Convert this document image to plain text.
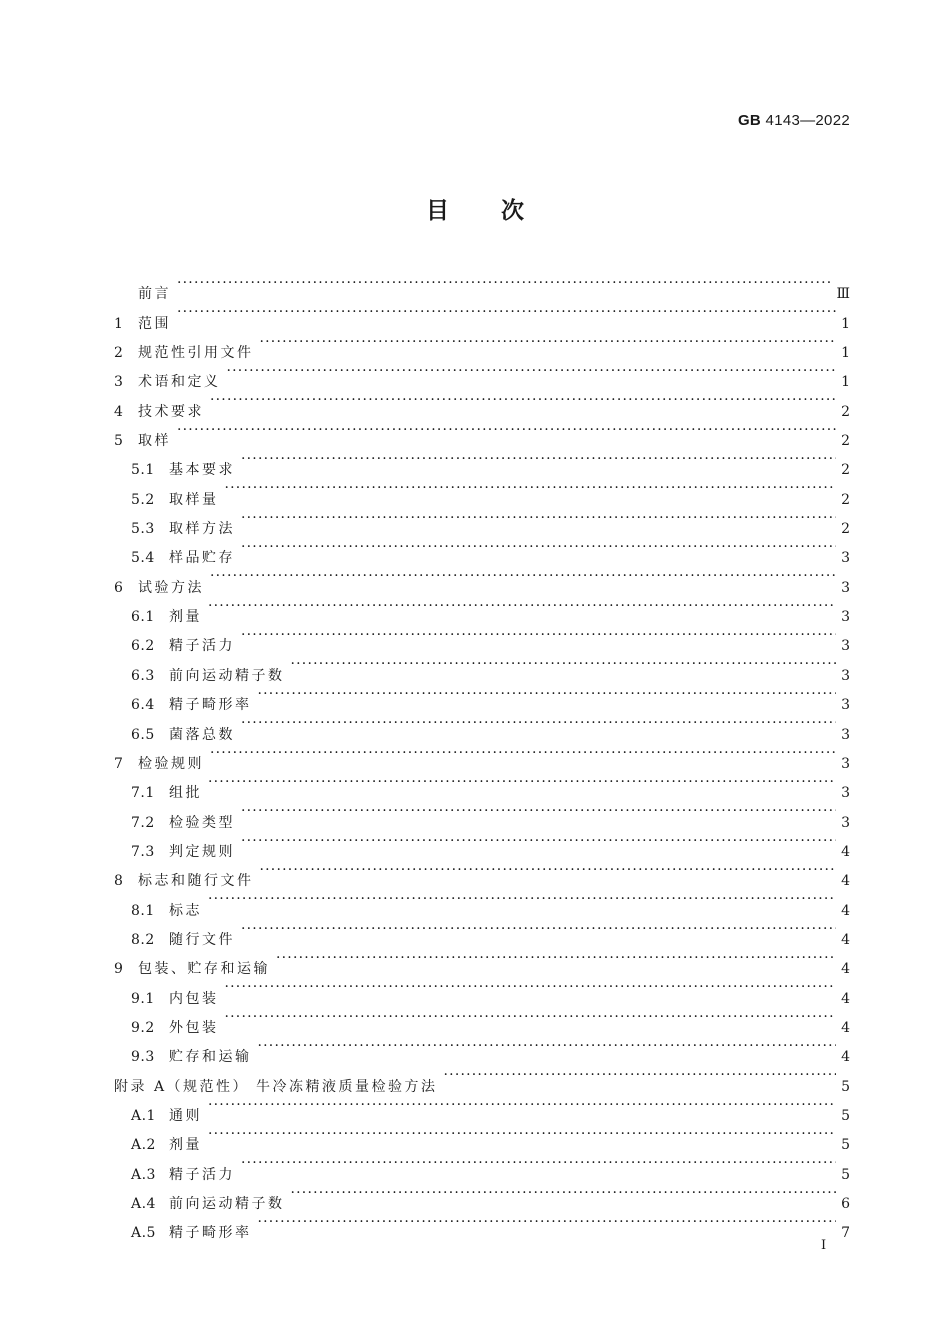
GB 4143—2022
目次
前言 ·····	Ⅲ
1	范围 ·····	1
2	规范性引用文件 ·····	1
3	术语和定义 ·····	1
4	技术要求 ·····	2
5	取样 ·····	2
5.1	基本要求 ·····	2
5.2	取样量 ·····	2
5.3	取样方法 ·····	2
5.4	样品贮存 ·····	3
6	试验方法 ·····	3
6.1	剂量 ·····	3
6.2	精子活力 ·····	3
6.3	前向运动精子数 ·····	3
6.4	精子畸形率 ·····	3
6.5	菌落总数 ·····	3
7	检验规则 ·····	3
7.1	组批 ·····	3
7.2	检验类型 ·····	3
7.3	判定规则 ·····	4
8	标志和随行文件 ·····	4
8.1	标志 ·····	4
8.2	随行文件 ·····	4
9	包装、贮存和运输 ·····	4
9.1	内包装 ·····	4
9.2	外包装 ·····	4
9.3	贮存和运输 ·····	4
附录 A（规范性） 牛冷冻精液质量检验方法 ·····	5
A.1 通则 ·····	5
A.2 剂量 ·····	5
A.3 精子活力 ·····	5
A.4 前向运动精子数 ·····	6
A.5 精子畸形率 ·····	7
I
